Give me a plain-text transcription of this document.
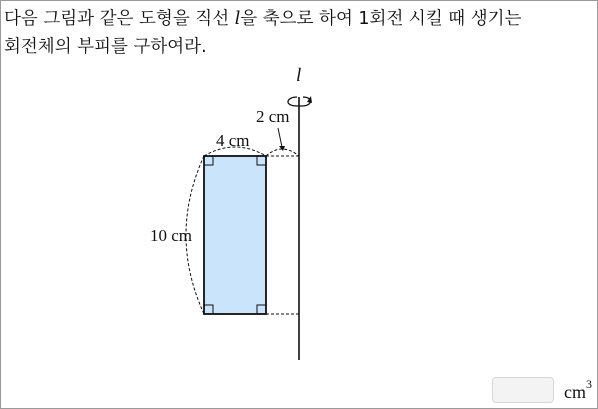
다음 그림과 같은 도형을 직선 l을 축으로 하여 1회전 시킬 때 생기는
회전체의 부피를 구하여라.
l
2 cm
4 cm
10 cm
$cm^3$
